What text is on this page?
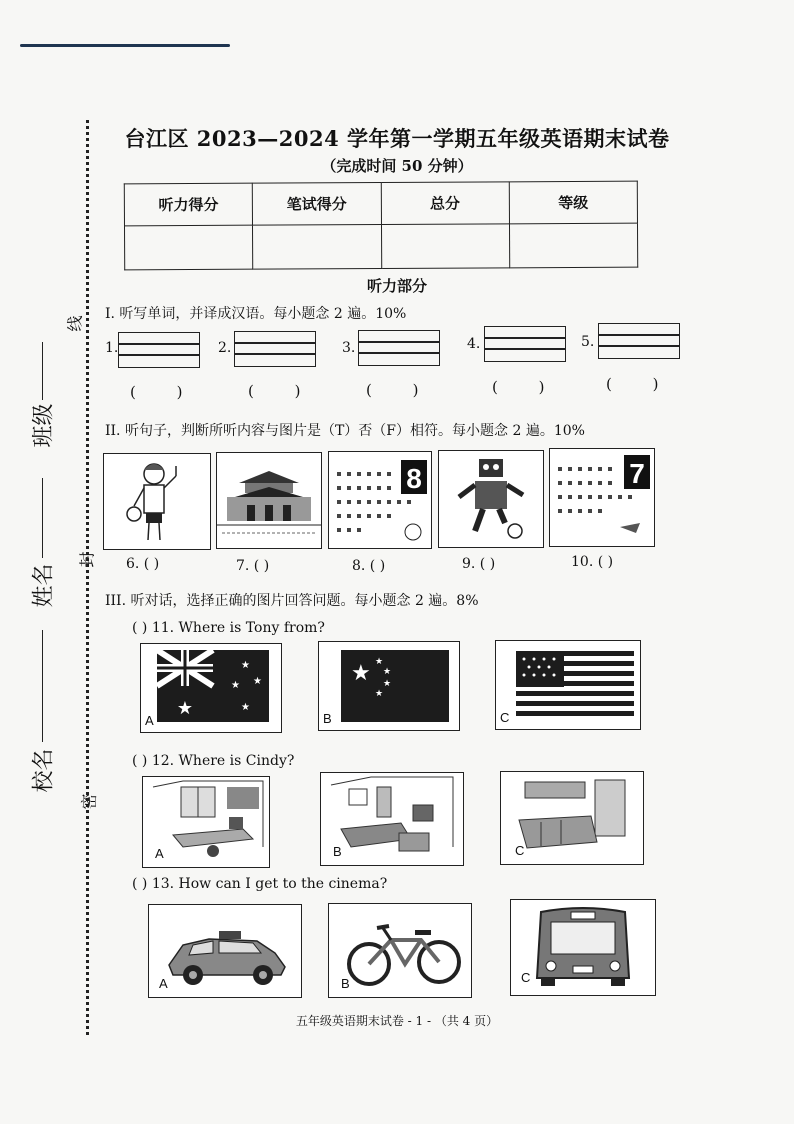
班级
姓名
校名
线
封
密
台江区 2023—2024 学年第一学期五年级英语期末试卷
（完成时间 50 分钟）
听力得分	笔试得分	总分	等级

听力部分
I. 听写单词，并译成汉语。每小题念 2 遍。10%
1.	2.	3.	4.	5.
( )	( )	( )	( )	( )
II. 听句子，判断所听内容与图片是（T）否（F）相符。每小题念 2 遍。10%
6. ( )	7. ( )
8
8. ( )	9. ( )
7
10. ( )
III. 听对话，选择正确的图片回答问题。每小题念 2 遍。8%
( ) 11. Where is Tony from?
★
★
★
★
★
A
★ ★
★
★
★
B	C
( ) 12. Where is Cindy?
A	B	C
( ) 13. How can I get to the cinema?
A	B	C
五年级英语期末试卷 - 1 - （共 4 页）
